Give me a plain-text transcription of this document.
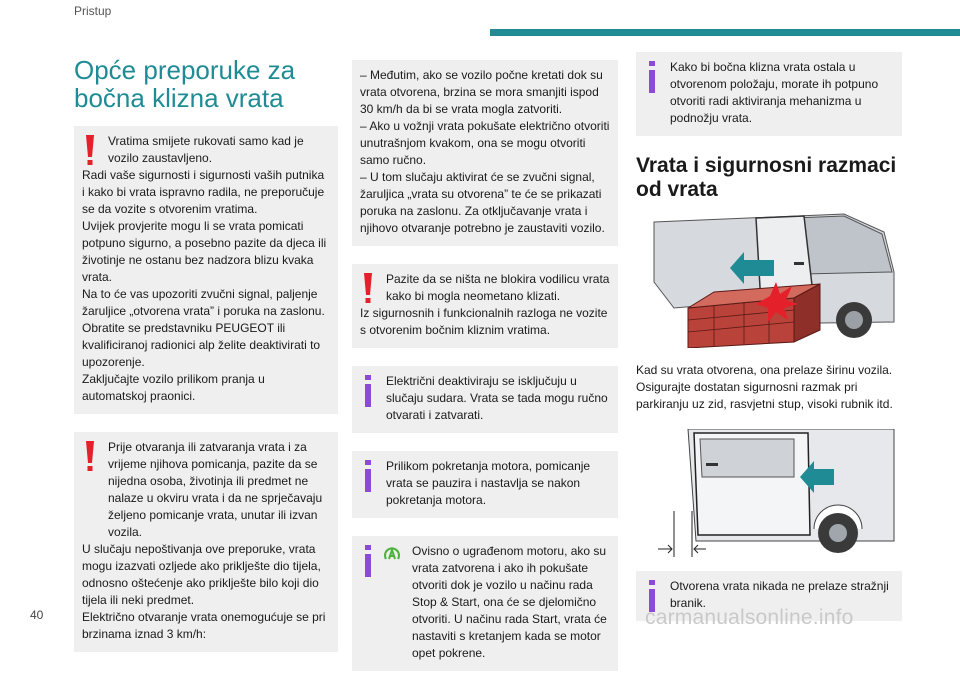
Pristup
Opće preporuke za bočna klizna vrata

Vratima smijete rukovati samo kad je vozilo zaustavljeno.

Radi vaše sigurnosti i sigurnosti vaših putnika i kako bi vrata ispravno radila, ne preporučuje se da vozite s otvorenim vratima.

Uvijek provjerite mogu li se vrata pomicati potpuno sigurno, a posebno pazite da djeca ili životinje ne ostanu bez nadzora blizu kvaka vrata.

Na to će vas upozoriti zvučni signal, paljenje žaruljice „otvorena vrata” i poruka na zaslonu. Obratite se predstavniku PEUGEOT ili kvalificiranoj radionici alp želite deaktivirati to upozorenje.

Zaključajte vozilo prilikom pranja u automatskoj praonici.

Prije otvaranja ili zatvaranja vrata i za vrijeme njihova pomicanja, pazite da se nijedna osoba, životinja ili predmet ne nalaze u okviru vrata i da ne sprječavaju željeno pomicanje vrata, unutar ili izvan vozila.

U slučaju nepoštivanja ove preporuke, vrata mogu izazvati ozljede ako priklješte dio tijela, odnosno oštećenje ako priklješte bilo koji dio tijela ili neki predmet.

Električno otvaranje vrata onemogućuje se pri brzinama iznad 3 km/h:

– Međutim, ako se vozilo počne kretati dok su vrata otvorena, brzina se mora smanjiti ispod 30 km/h da bi se vrata mogla zatvoriti.

– Ako u vožnji vrata pokušate električno otvoriti unutrašnjom kvakom, ona se mogu otvoriti samo ručno.

– U tom slučaju aktivirat će se zvučni signal, žaruljica „vrata su otvorena” te će se prikazati poruka na zaslonu. Za otključavanje vrata i njihovo otvaranje potrebno je zaustaviti vozilo.

Pazite da se ništa ne blokira vodilicu vrata kako bi mogla neometano klizati.

Iz sigurnosnih i funkcionalnih razloga ne vozite s otvorenim bočnim kliznim vratima.

Električni deaktiviraju se isključuju u slučaju sudara. Vrata se tada mogu ručno otvarati i zatvarati.

Prilikom pokretanja motora, pomicanje vrata se pauzira i nastavlja se nakon pokretanja motora.

Ovisno o ugrađenom motoru, ako su vrata zatvorena i ako ih pokušate otvoriti dok je vozilo u načinu rada Stop & Start, ona će se djelomično otvoriti. U načinu rada Start, vrata će nastaviti s kretanjem kada se motor opet pokrene.

Kako bi bočna klizna vrata ostala u otvorenom položaju, morate ih potpuno otvoriti radi aktiviranja mehanizma u podnožju vrata.

Vrata i sigurnosni razmaci od vrata

Kad su vrata otvorena, ona prelaze širinu vozila. Osigurajte dostatan sigurnosni razmak pri parkiranju uz zid, rasvjetni stup, visoki rubnik itd.

Otvorena vrata nikada ne prelaze stražnji branik.

40	carmanualsonline.info
